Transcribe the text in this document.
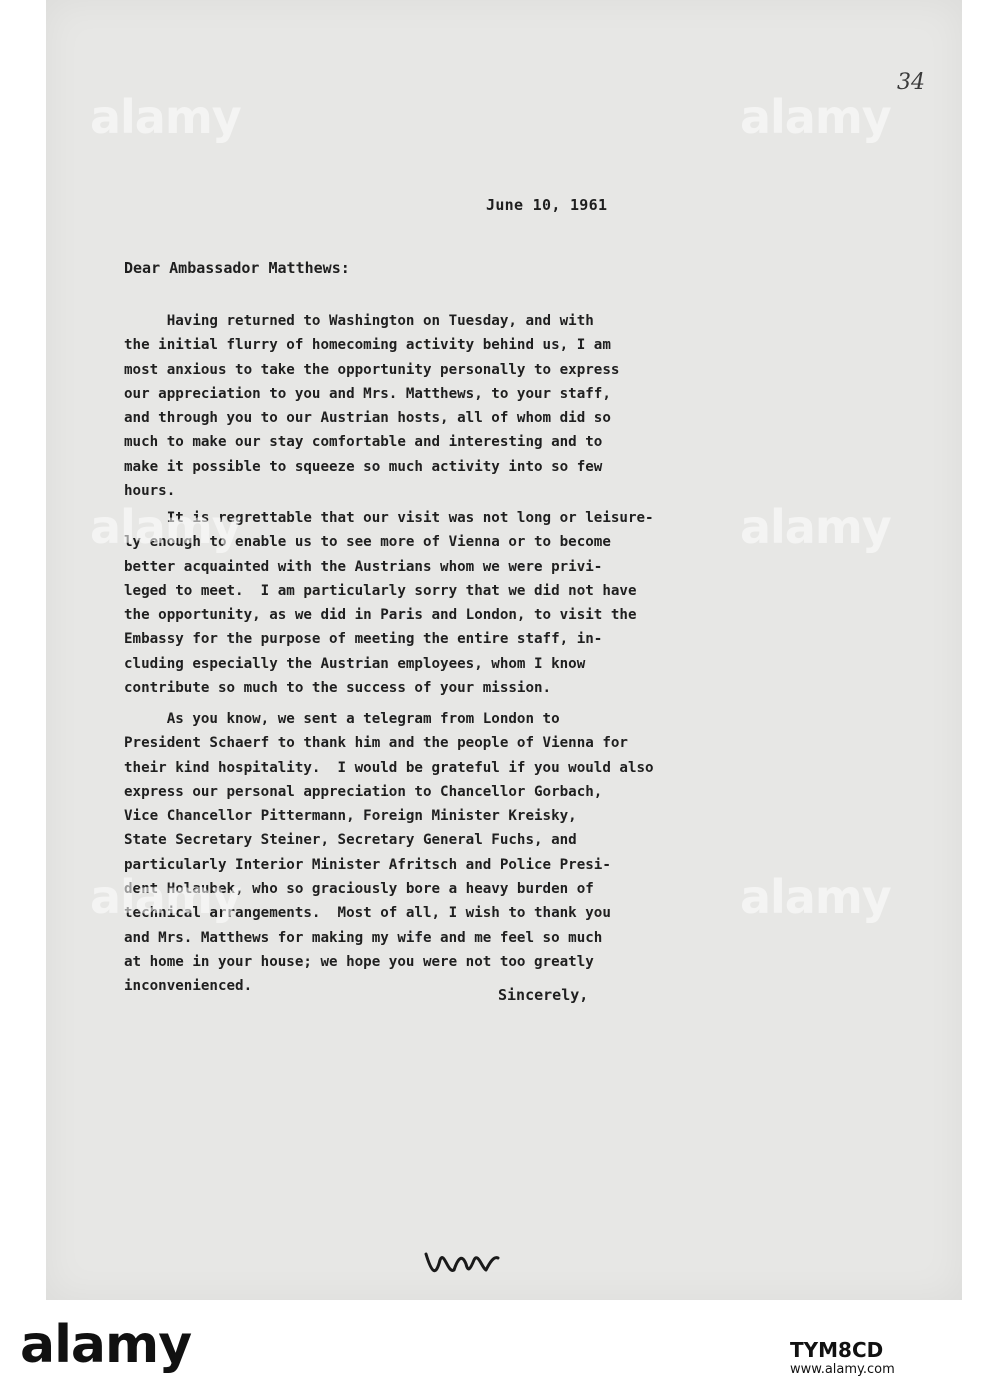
34
June 10, 1961
Dear Ambassador Matthews:
Having returned to Washington on Tuesday, and with
the initial flurry of homecoming activity behind us, I am
most anxious to take the opportunity personally to express
our appreciation to you and Mrs. Matthews, to your staff,
and through you to our Austrian hosts, all of whom did so
much to make our stay comfortable and interesting and to
make it possible to squeeze so much activity into so few
hours.
It is regrettable that our visit was not long or leisure-
ly enough to enable us to see more of Vienna or to become
better acquainted with the Austrians whom we were privi-
leged to meet.  I am particularly sorry that we did not have
the opportunity, as we did in Paris and London, to visit the
Embassy for the purpose of meeting the entire staff, in-
cluding especially the Austrian employees, whom I know
contribute so much to the success of your mission.
As you know, we sent a telegram from London to
President Schaerf to thank him and the people of Vienna for
their kind hospitality.  I would be grateful if you would also
express our personal appreciation to Chancellor Gorbach,
Vice Chancellor Pittermann, Foreign Minister Kreisky,
State Secretary Steiner, Secretary General Fuchs, and
particularly Interior Minister Afritsch and Police Presi-
dent Holaubek, who so graciously bore a heavy burden of
technical arrangements.  Most of all, I wish to thank you
and Mrs. Matthews for making my wife and me feel so much
at home in your house; we hope you were not too greatly
inconvenienced.	Sincerely,
alamy	alamy
alamy	alamy
alamy	alamy
alamy	TYM8CD
www.alamy.com
